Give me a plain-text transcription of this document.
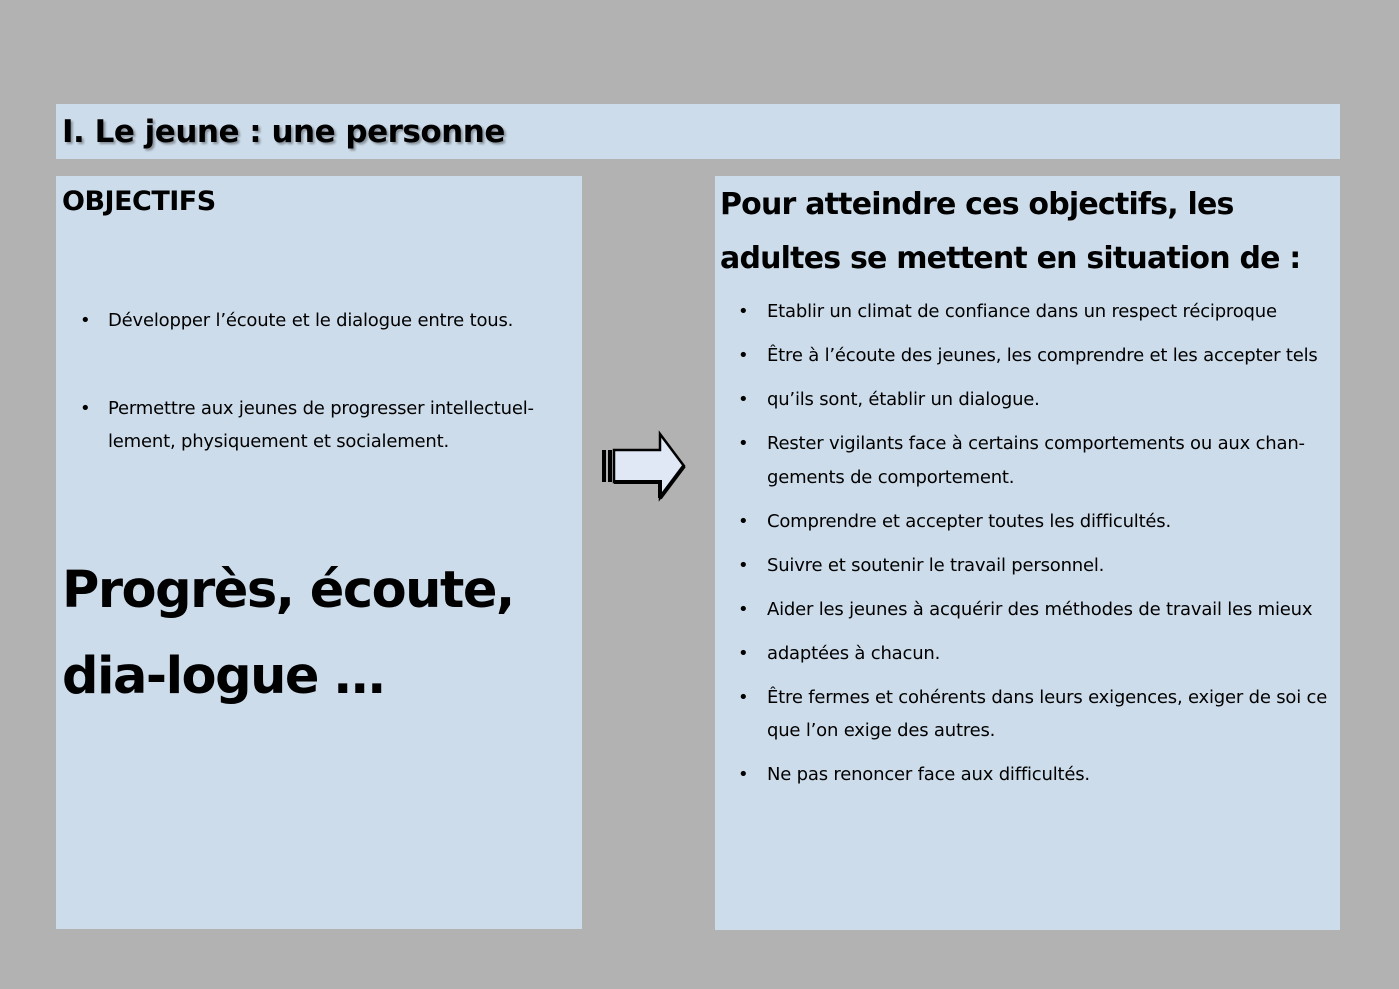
I. Le jeune : une personne
OBJECTIFS
• Développer l’écoute et le dialogue entre tous.
• Permettre aux jeunes de progresser intellectuel-lement, physiquement et socialement.

Progrès, écoute, dia-logue …

Pour atteindre ces objectifs, les adultes se mettent en situation de :
• Etablir un climat de confiance dans un respect réciproque
• Être à l’écoute des jeunes, les comprendre et les accepter tels
• qu’ils sont, établir un dialogue.
• Rester vigilants face à certains comportements ou aux chan-gements de comportement.
• Comprendre et accepter toutes les difficultés.
• Suivre et soutenir le travail personnel.
• Aider les jeunes à acquérir des méthodes de travail les mieux
• adaptées à chacun.
• Être fermes et cohérents dans leurs exigences, exiger de soi ce que l’on exige des autres.
• Ne pas renoncer face aux difficultés.
